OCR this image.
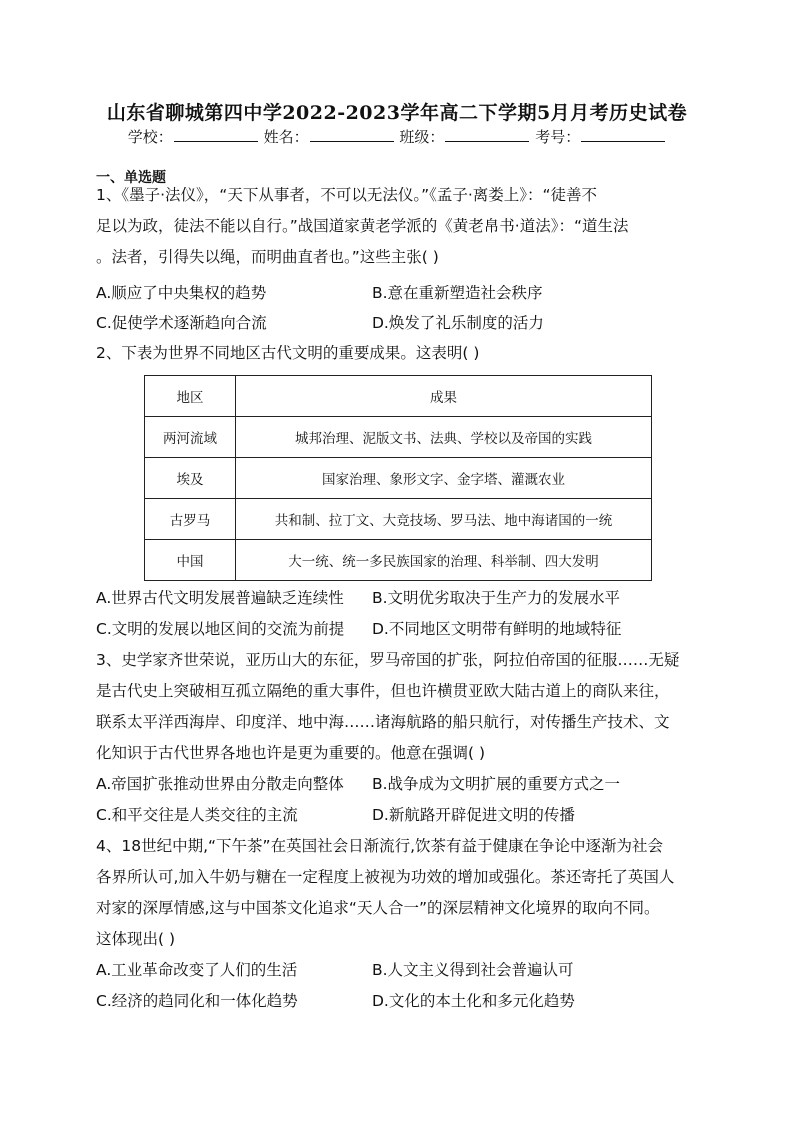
山东省聊城第四中学2022-2023学年高二下学期5月月考历史试卷
学校：	姓名：	班级：	考号：
一、单选题
1、《墨子·法仪》，“天下从事者，不可以无法仪。”《孟子·离娄上》：“徒善不
足以为政，徒法不能以自行。”战国道家黄老学派的《黄老帛书·道法》：“道生法
。法者，引得失以绳，而明曲直者也。”这些主张( )
A.顺应了中央集权的趋势	B.意在重新塑造社会秩序
C.促使学术逐渐趋向合流	D.焕发了礼乐制度的活力
2、下表为世界不同地区古代文明的重要成果。这表明( )
地区	成果
两河流域	城邦治理、泥版文书、法典、学校以及帝国的实践
埃及	国家治理、象形文字、金字塔、灌溉农业
古罗马	共和制、拉丁文、大竞技场、罗马法、地中海诸国的一统
中国	大一统、统一多民族国家的治理、科举制、四大发明
A.世界古代文明发展普遍缺乏连续性 B.文明优劣取决于生产力的发展水平
C.文明的发展以地区间的交流为前提 D.不同地区文明带有鲜明的地域特征
3、史学家齐世荣说，亚历山大的东征，罗马帝国的扩张，阿拉伯帝国的征服……无疑
是古代史上突破相互孤立隔绝的重大事件，但也许横贯亚欧大陆古道上的商队来往，
联系太平洋西海岸、印度洋、地中海……诸海航路的船只航行，对传播生产技术、文
化知识于古代世界各地也许是更为重要的。他意在强调( )
A.帝国扩张推动世界由分散走向整体 B.战争成为文明扩展的重要方式之一
C.和平交往是人类交往的主流	D.新航路开辟促进文明的传播
4、18世纪中期,“下午茶”在英国社会日渐流行,饮茶有益于健康在争论中逐渐为社会
各界所认可,加入牛奶与糖在一定程度上被视为功效的增加或强化。茶还寄托了英国人
对家的深厚情感,这与中国茶文化追求“天人合一”的深层精神文化境界的取向不同。
这体现出( )
A.工业革命改变了人们的生活	B.人文主义得到社会普遍认可
C.经济的趋同化和一体化趋势	D.文化的本土化和多元化趋势
